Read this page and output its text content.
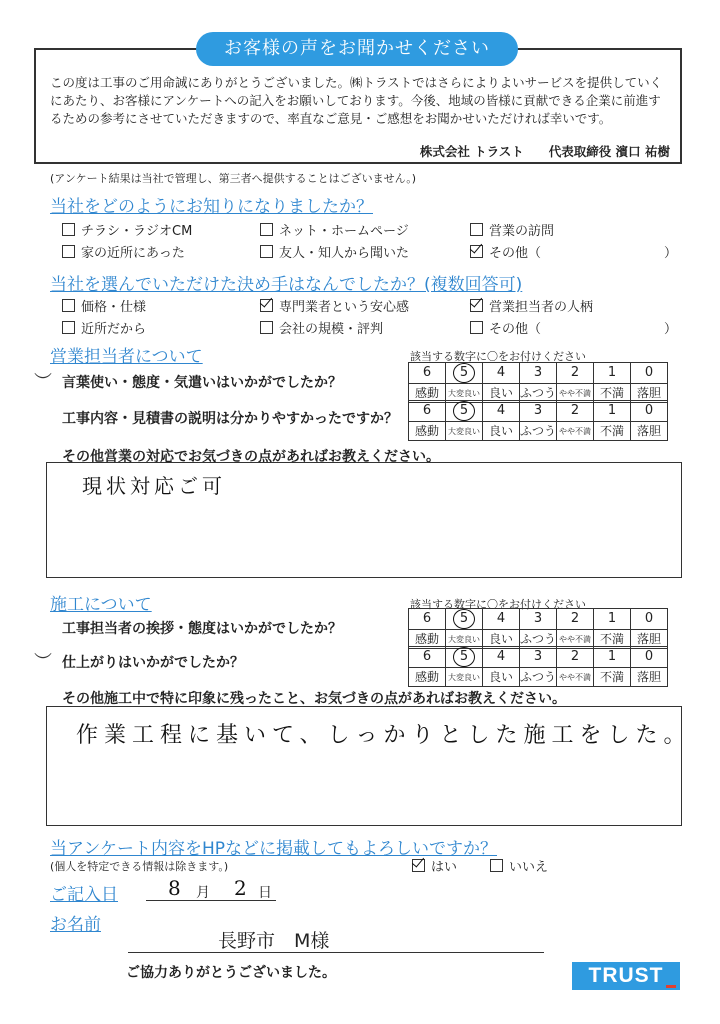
お客様の声をお聞かせください
この度は工事のご用命誠にありがとうございました。㈱トラストではさらによりよいサービスを提供していくにあたり、お客様にアンケートへの記入をお願いしております。今後、地域の皆様に貢献できる企業に前進するための参考にさせていただきますので、率直なご意見・ご感想をお聞かせいただければ幸いです。
株式会社 トラスト　　代表取締役 濱口 祐樹
(アンケート結果は当社で管理し、第三者へ提供することはございません。)
当社をどのようにお知りになりましたか？
チラシ・ラジオCM	ネット・ホームページ	営業の訪問
家の近所にあった	友人・知人から聞いた	その他（	）
当社を選んでいただけた決め手はなんでしたか？(複数回答可)
価格・仕様	専門業者という安心感	営業担当者の人柄
近所だから	会社の規模・評判	その他（	）
営業担当者について	該当する数字に〇をお付けください
︶ 言葉使い・態度・気遣いはいかがでしたか？
工事内容・見積書の説明は分かりやすかったですか？
6	5	4	3	2	1	0
感動	大変良い	良い	ふつう	やや不満	不満	落胆
6	5	4	3	2	1	0
感動	大変良い	良い	ふつう	やや不満	不満	落胆
その他営業の対応でお気づきの点があればお教えください。
現状対応ご可
施工について	該当する数字に〇をお付けください
工事担当者の挨拶・態度はいかがでしたか？
︶ 仕上がりはいかがでしたか？
6	5	4	3	2	1	0
感動	大変良い	良い	ふつう	やや不満	不満	落胆
6	5	4	3	2	1	0
感動	大変良い	良い	ふつう	やや不満	不満	落胆
その他施工中で特に印象に残ったこと、お気づきの点があればお教えください。
作業工程に基いて、しっかりとした施工をした。
当アンケート内容をHPなどに掲載してもよろしいですか？
(個人を特定できる情報は除きます。)	はい	いいえ
ご記入日	8 月 2 日
お名前
長野市　M様
ご協力ありがとうございました。	TRUST
